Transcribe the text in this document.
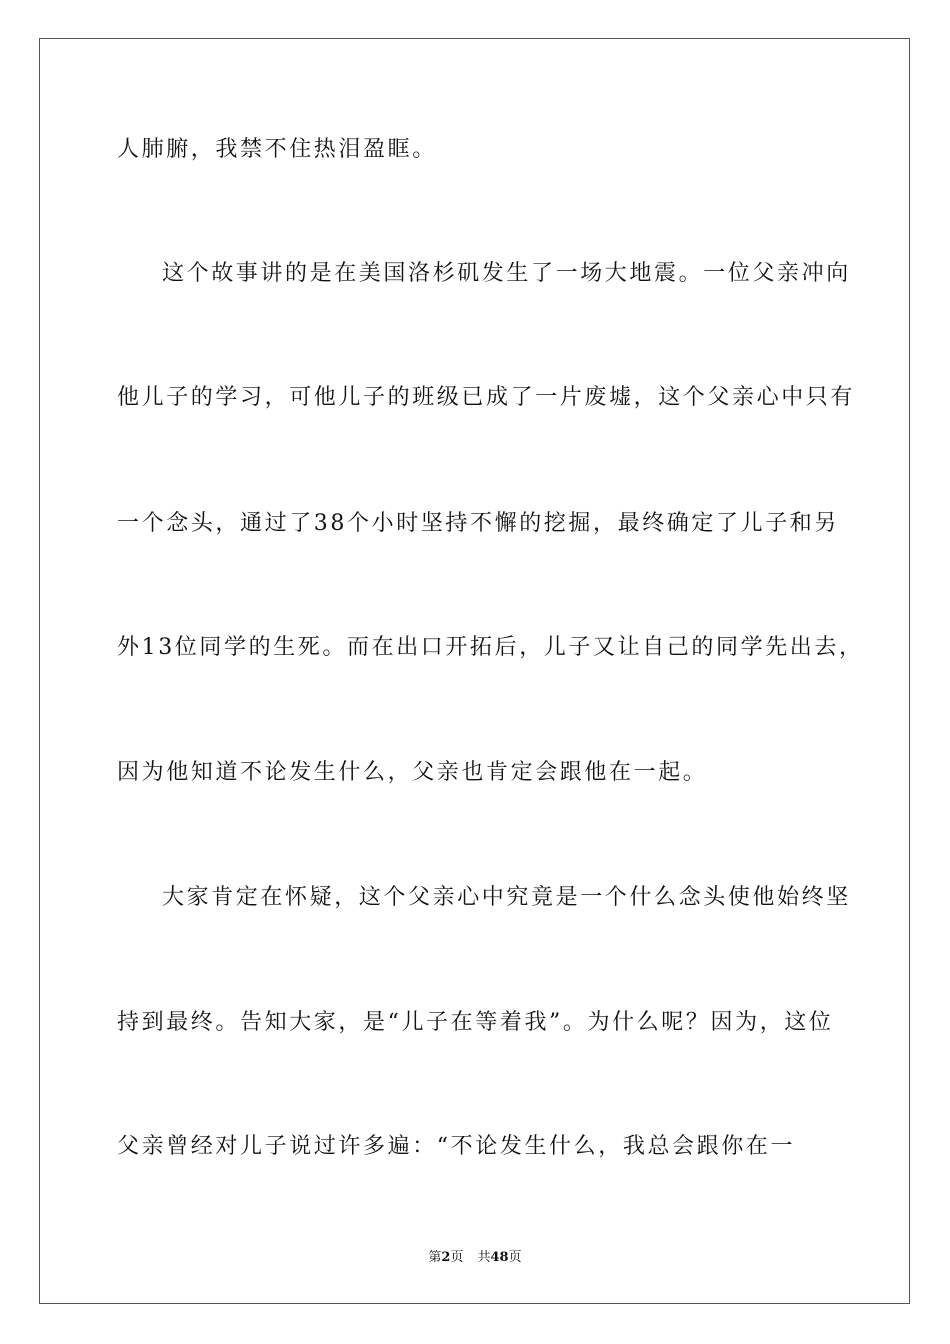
人肺腑，我禁不住热泪盈眶。
这个故事讲的是在美国洛杉矶发生了一场大地震。一位父亲冲向
他儿子的学习，可他儿子的班级已成了一片废墟，这个父亲心中只有
一个念头，通过了38个小时坚持不懈的挖掘，最终确定了儿子和另
外13位同学的生死。而在出口开拓后，儿子又让自己的同学先出去，
因为他知道不论发生什么，父亲也肯定会跟他在一起。
大家肯定在怀疑，这个父亲心中究竟是一个什么念头使他始终坚
持到最终。告知大家，是“儿子在等着我”。为什么呢？因为，这位
父亲曾经对儿子说过许多遍：“不论发生什么，我总会跟你在一
第2页 共48页
